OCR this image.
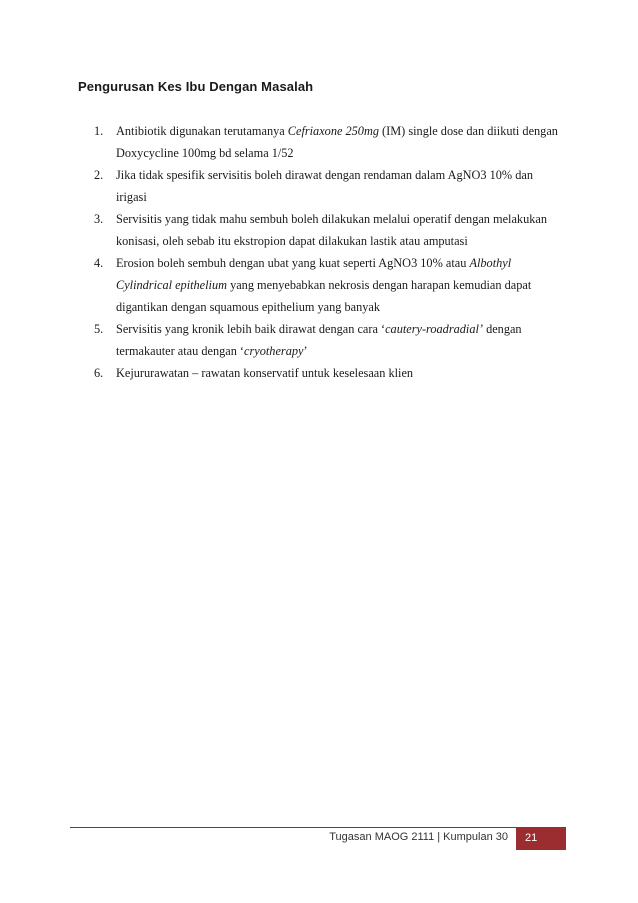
Pengurusan Kes Ibu Dengan Masalah
1. Antibiotik digunakan terutamanya Cefriaxone 250mg (IM) single dose dan diikuti dengan Doxycycline 100mg bd selama 1/52
2. Jika tidak spesifik servisitis boleh dirawat dengan rendaman dalam AgNO3 10% dan irigasi
3. Servisitis yang tidak mahu sembuh boleh dilakukan melalui operatif dengan melakukan konisasi, oleh sebab itu ekstropion dapat dilakukan lastik atau amputasi
4. Erosion boleh sembuh dengan ubat yang kuat seperti AgNO3 10% atau Albothyl Cylindrical epithelium yang menyebabkan nekrosis dengan harapan kemudian dapat digantikan dengan squamous epithelium yang banyak
5. Servisitis yang kronik lebih baik dirawat dengan cara ‘cautery-roadradial’ dengan termakauter atau dengan ‘cryotherapy’
6. Kejururawatan – rawatan konservatif untuk keselesaan klien
Tugasan MAOG 2111 | Kumpulan 30	21
